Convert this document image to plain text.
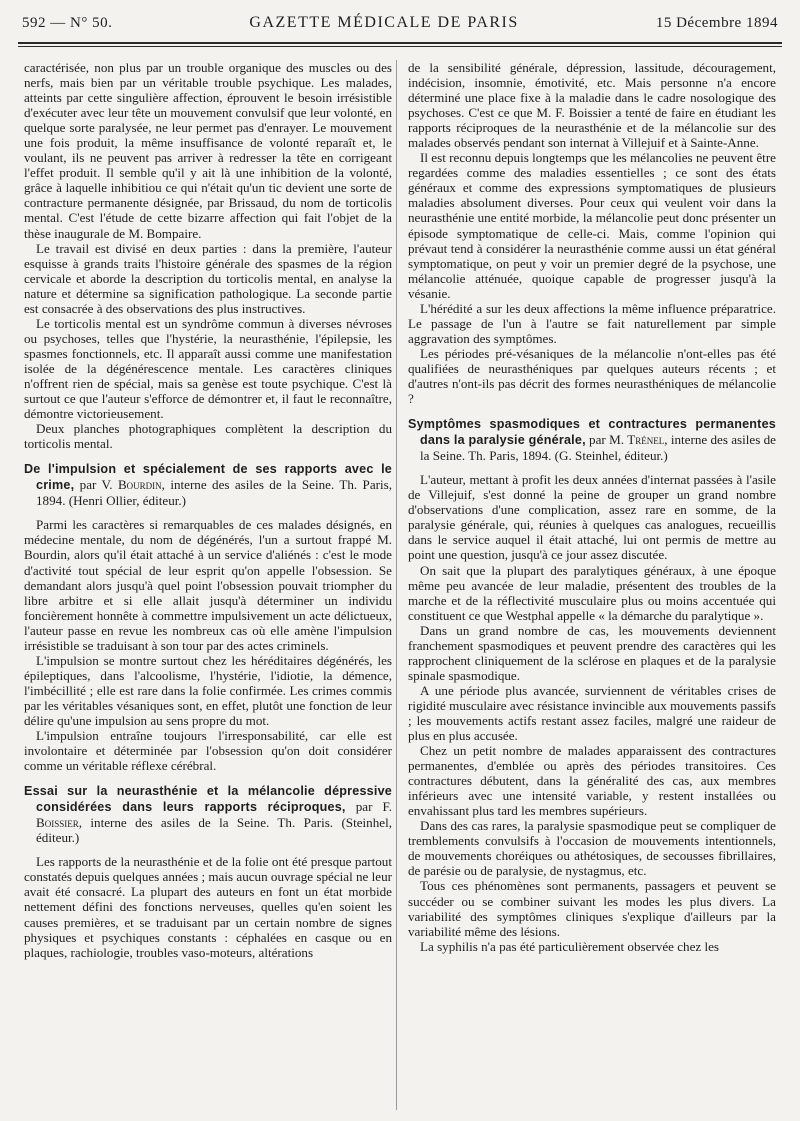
592 — N° 50.	GAZETTE MÉDICALE DE PARIS	15 Décembre 1894

caractérisée, non plus par un trouble organique des muscles ou des nerfs, mais bien par un véritable trouble psychique. Les malades, atteints par cette singulière affection, éprouvent le besoin irrésistible d'exécuter avec leur tête un mouvement convulsif que leur volonté, en quelque sorte paralysée, ne leur permet pas d'enrayer. Le mouvement une fois produit, la même insuffisance de volonté reparaît et, le voulant, ils ne peuvent pas arriver à redresser la tête en corrigeant l'effet produit. Il semble qu'il y ait là une inhibition de la volonté, grâce à laquelle inhibitiou ce qui n'était qu'un tic devient une sorte de contracture permanente désignée, par Brissaud, du nom de torticolis mental. C'est l'étude de cette bizarre affection qui fait l'objet de la thèse inaugurale de M. Bompaire.

Le travail est divisé en deux parties : dans la première, l'auteur esquisse à grands traits l'histoire générale des spasmes de la région cervicale et aborde la description du torticolis mental, en analyse la nature et détermine sa signification pathologique. La seconde partie est consacrée à des observations des plus instructives.

Le torticolis mental est un syndrôme commun à diverses névroses ou psychoses, telles que l'hystérie, la neurasthénie, l'épilepsie, les spasmes fonctionnels, etc. Il apparaît aussi comme une manifestation isolée de la dégénérescence mentale. Les caractères cliniques n'offrent rien de spécial, mais sa genèse est toute psychique. C'est là surtout ce que l'auteur s'efforce de démontrer et, il faut le reconnaître, démontre victorieusement.

Deux planches photographiques complètent la description du torticolis mental.

De l'impulsion et spécialement de ses rapports avec le crime, par V. Bourdin, interne des asiles de la Seine. Th. Paris, 1894. (Henri Ollier, éditeur.)

Parmi les caractères si remarquables de ces malades désignés, en médecine mentale, du nom de dégénérés, l'un a surtout frappé M. Bourdin, alors qu'il était attaché à un service d'aliénés : c'est le mode d'activité tout spécial de leur esprit qu'on appelle l'obsession. Se demandant alors jusqu'à quel point l'obsession pouvait triompher du libre arbitre et si elle allait jusqu'à déterminer un individu foncièrement honnête à commettre impulsivement un acte délictueux, l'auteur passe en revue les nombreux cas où elle amène l'impulsion irrésistible se traduisant à son tour par des actes criminels.

L'impulsion se montre surtout chez les héréditaires dégénérés, les épileptiques, dans l'alcoolisme, l'hystérie, l'idiotie, la démence, l'imbécillité ; elle est rare dans la folie confirmée. Les crimes commis par les véritables vésaniques sont, en effet, plutôt une fonction de leur délire qu'une impulsion au sens propre du mot.

L'impulsion entraîne toujours l'irresponsabilité, car elle est involontaire et déterminée par l'obsession qu'on doit considérer comme un véritable réflexe cérébral.

Essai sur la neurasthénie et la mélancolie dépressive considérées dans leurs rapports réciproques, par F. Boissier, interne des asiles de la Seine. Th. Paris. (Steinhel, éditeur.)

Les rapports de la neurasthénie et de la folie ont été presque partout constatés depuis quelques années ; mais aucun ouvrage spécial ne leur avait été consacré. La plupart des auteurs en font un état morbide nettement défini des fonctions nerveuses, quelles qu'en soient les causes premières, et se traduisant par un certain nombre de signes physiques et psychiques constants : céphalées en casque ou en plaques, rachiologie, troubles vaso-moteurs, altérations

de la sensibilité générale, dépression, lassitude, découragement, indécision, insomnie, émotivité, etc. Mais personne n'a encore déterminé une place fixe à la maladie dans le cadre nosologique des psychoses. C'est ce que M. F. Boissier a tenté de faire en étudiant les rapports réciproques de la neurasthénie et de la mélancolie sur des malades observés pendant son internat à Villejuif et à Sainte-Anne.

Il est reconnu depuis longtemps que les mélancolies ne peuvent être regardées comme des maladies essentielles ; ce sont des états généraux et comme des expressions symptomatiques de plusieurs maladies absolument diverses. Pour ceux qui veulent voir dans la neurasthénie une entité morbide, la mélancolie peut donc présenter un épisode symptomatique de celle-ci. Mais, comme l'opinion qui prévaut tend à considérer la neurasthénie comme aussi un état général symptomatique, on peut y voir un premier degré de la psychose, une mélancolie atténuée, quoique capable de progresser jusqu'à la vésanie.

L'hérédité a sur les deux affections la même influence préparatrice. Le passage de l'un à l'autre se fait naturellement par simple aggravation des symptômes.

Les périodes pré-vésaniques de la mélancolie n'ont-elles pas été qualifiées de neurasthéniques par quelques auteurs récents ; et d'autres n'ont-ils pas décrit des formes neurasthéniques de mélancolie ?

Symptômes spasmodiques et contractures permanentes dans la paralysie générale, par M. Trénel, interne des asiles de la Seine. Th. Paris, 1894. (G. Steinhel, éditeur.)

L'auteur, mettant à profit les deux années d'internat passées à l'asile de Villejuif, s'est donné la peine de grouper un grand nombre d'observations d'une complication, assez rare en somme, de la paralysie générale, qui, réunies à quelques cas analogues, recueillis dans le service auquel il était attaché, lui ont permis de mettre au point une question, jusqu'à ce jour assez discutée.

On sait que la plupart des paralytiques généraux, à une époque même peu avancée de leur maladie, présentent des troubles de la marche et de la réflectivité musculaire plus ou moins accentuée qui constituent ce que Westphal appelle « la démarche du paralytique ».

Dans un grand nombre de cas, les mouvements deviennent franchement spasmodiques et peuvent prendre des caractères qui les rapprochent cliniquement de la sclérose en plaques et de la paralysie spinale spasmodique.

A une période plus avancée, surviennent de véritables crises de rigidité musculaire avec résistance invincible aux mouvements passifs ; les mouvements actifs restant assez faciles, malgré une raideur de plus en plus accusée.

Chez un petit nombre de malades apparaissent des contractures permanentes, d'emblée ou après des périodes transitoires. Ces contractures débutent, dans la généralité des cas, aux membres inférieurs avec une intensité variable, y restent installées ou envahissant plus tard les membres supérieurs.

Dans des cas rares, la paralysie spasmodique peut se compliquer de tremblements convulsifs à l'occasion de mouvements intentionnels, de mouvements choréiques ou athétosiques, de secousses fibrillaires, de parésie ou de paralysie, de nystagmus, etc.

Tous ces phénomènes sont permanents, passagers et peuvent se succéder ou se combiner suivant les modes les plus divers. La variabilité des symptômes cliniques s'explique d'ailleurs par la variabilité même des lésions.

La syphilis n'a pas été particulièrement observée chez les
